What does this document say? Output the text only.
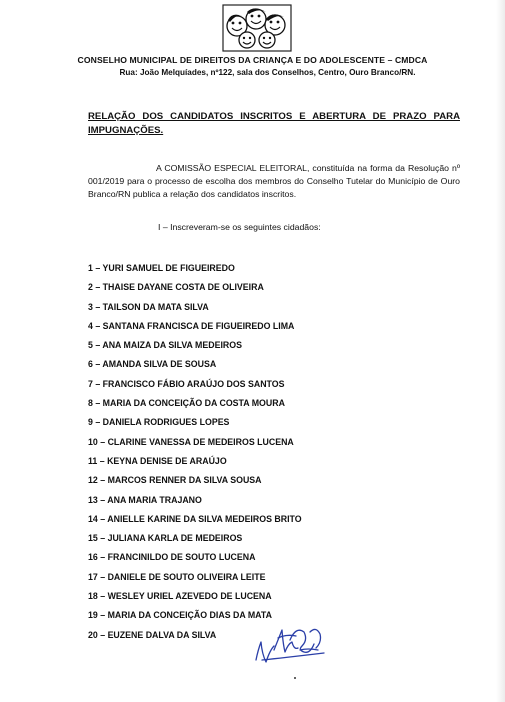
CONSELHO MUNICIPAL DE DIREITOS DA CRIANÇA E DO ADOLESCENTE – CMDCA
Rua: João Melquíades, nº122, sala dos Conselhos, Centro, Ouro Branco/RN.
RELAÇÃO DOS CANDIDATOS INSCRITOS E ABERTURA DE PRAZO PARA IMPUGNAÇÕES.
A COMISSÃO ESPECIAL ELEITORAL, constituída na forma da Resolução nº 001/2019 para o processo de escolha dos membros do Conselho Tutelar do Município de Ouro Branco/RN publica a relação dos candidatos inscritos.
I – Inscreveram-se os seguintes cidadãos:
1 – YURI SAMUEL DE FIGUEIREDO
2 – THAISE DAYANE COSTA DE OLIVEIRA
3 – TAILSON DA MATA SILVA
4 – SANTANA FRANCISCA DE FIGUEIREDO LIMA
5 – ANA MAIZA DA SILVA MEDEIROS
6 – AMANDA SILVA DE SOUSA
7 – FRANCISCO FÁBIO ARAÚJO DOS SANTOS
8 – MARIA DA CONCEIÇÃO DA COSTA MOURA
9 – DANIELA RODRIGUES LOPES
10 – CLARINE VANESSA DE MEDEIROS LUCENA
11 – KEYNA DENISE DE ARAÚJO
12 – MARCOS RENNER DA SILVA SOUSA
13 – ANA MARIA TRAJANO
14 – ANIELLE KARINE DA SILVA MEDEIROS BRITO
15 – JULIANA KARLA DE MEDEIROS
16 – FRANCINILDO DE SOUTO LUCENA
17 – DANIELE DE SOUTO OLIVEIRA LEITE
18 – WESLEY URIEL AZEVEDO DE LUCENA
19 – MARIA DA CONCEIÇÃO DIAS DA MATA
20 – EUZENE DALVA DA SILVA
